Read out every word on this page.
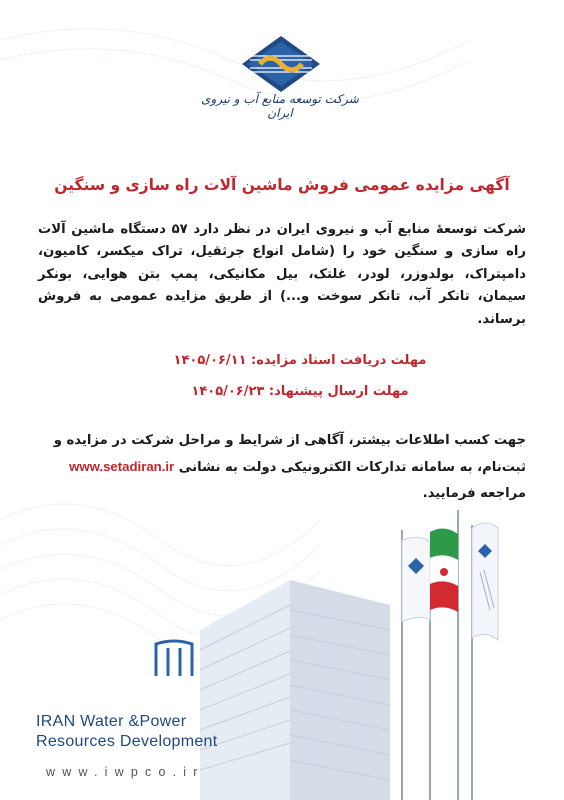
شرکت توسعه منابع آب و نیروی ایران
آگهی مزایده عمومی فروش ماشین آلات راه سازی و سنگین
شرکت توسعۀ منابع آب و نیروی ایران در نظر دارد ۵۷ دستگاه ماشین آلات راه سازی و سنگین خود را (شامل انواع جرثقیل، تراک میکسر، کامیون، دامپتراک، بولدوزر، لودر، غلتک، بیل مکانیکی، پمپ بتن هوایی، بونکر سیمان، تانکر آب، تانکر سوخت و...) از طریق مزایده عمومی به فروش برساند.
مهلت دریافت اسناد مزایده: ۱۴۰۵/۰۶/۱۱
مهلت ارسال پیشنهاد: ۱۴۰۵/۰۶/۲۳
جهت کسب اطلاعات بیشتر، آگاهی از شرایط و مراحل شرکت در مزایده و ثبت‌نام، به سامانه تدارکات الکترونیکی دولت به نشانی www.setadiran.ir
مراجعه فرمایید.
IRAN Water &Power
Resources Development
www.iwpco.ir
